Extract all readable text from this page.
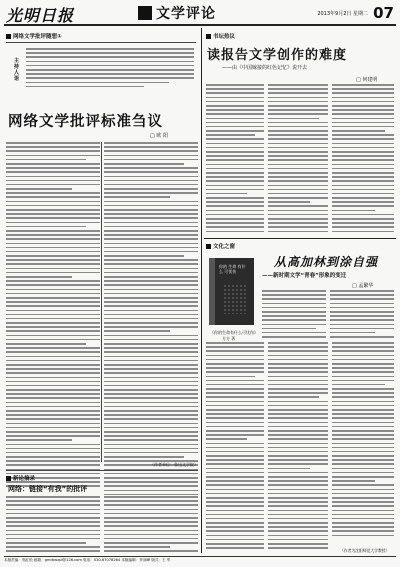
光明日报	文学评论	2013年9月2日 星期二 07
网络文学批评随想①
主持人语
网络文学批评标准刍议
□ 欧 阳
（作者单位：鲁迅文学院）
新论摘录
网络：链接“有我”的批评
书坛热议
读报告文学创作的难度
——由《中国嫁接的红色记忆》说开去
□ 何建明
文化之窗
你的 生命 有什么 可忧伤
《你的生命有什么可忧伤》
方方 著
从高加林到涂自强
——新时期文学“青春”形象的变迁
□ 孟繁华
（作者为沈阳师范大学教授）
本版责编：郭红松 邮箱：gmrbwxpl@126.com 电话：010-67078264 本版编辑：李昶峰 版式：王 军
